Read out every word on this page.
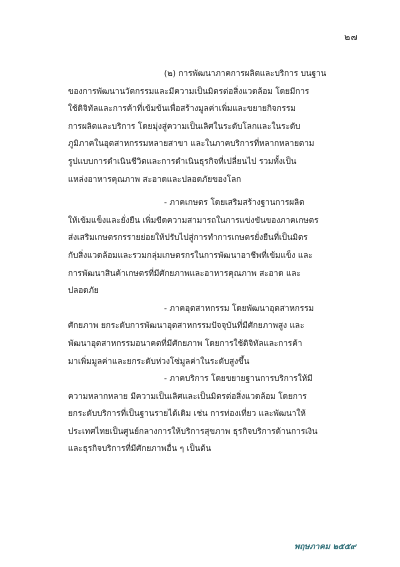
๒๗
(๒) การพัฒนาภาคการผลิตและบริการ บนฐาน
ของการพัฒนานวัตกรรมและมีความเป็นมิตรต่อสิ่งแวดล้อม โดยมีการ
ใช้ดิจิทัลและการค้าที่เข้มข้นเพื่อสร้างมูลค่าเพิ่มและขยายกิจกรรม
การผลิตและบริการ โดยมุ่งสู่ความเป็นเลิศในระดับโลกและในระดับ
ภูมิภาคในอุตสาหกรรมหลายสาขา และในภาคบริการที่หลากหลายตาม
รูปแบบการดำเนินชีวิตและการดำเนินธุรกิจที่เปลี่ยนไป รวมทั้งเป็น
แหล่งอาหารคุณภาพ สะอาดและปลอดภัยของโลก
- ภาคเกษตร โดยเสริมสร้างฐานการผลิต
ให้เข้มแข็งและยั่งยืน เพิ่มขีดความสามารถในการแข่งขันของภาคเกษตร
ส่งเสริมเกษตรกรรายย่อยให้ปรับไปสู่การทำการเกษตรยั่งยืนที่เป็นมิตร
กับสิ่งแวดล้อมและรวมกลุ่มเกษตรกรในการพัฒนาอาชีพที่เข้มแข็ง และ
การพัฒนาสินค้าเกษตรที่มีศักยภาพและอาหารคุณภาพ สะอาด และ
ปลอดภัย
- ภาคอุตสาหกรรม โดยพัฒนาอุตสาหกรรม
ศักยภาพ ยกระดับการพัฒนาอุตสาหกรรมปัจจุบันที่มีศักยภาพสูง และ
พัฒนาอุตสาหกรรมอนาคตที่มีศักยภาพ โดยการใช้ดิจิทัลและการค้า
มาเพิ่มมูลค่าและยกระดับห่วงโซ่มูลค่าในระดับสูงขึ้น
- ภาคบริการ โดยขยายฐานการบริการให้มี
ความหลากหลาย มีความเป็นเลิศและเป็นมิตรต่อสิ่งแวดล้อม โดยการ
ยกระดับบริการที่เป็นฐานรายได้เดิม เช่น การท่องเที่ยว และพัฒนาให้
ประเทศไทยเป็นศูนย์กลางการให้บริการสุขภาพ ธุรกิจบริการด้านการเงิน
และธุรกิจบริการที่มีศักยภาพอื่น ๆ เป็นต้น
พฤษภาคม ๒๕๕๙
